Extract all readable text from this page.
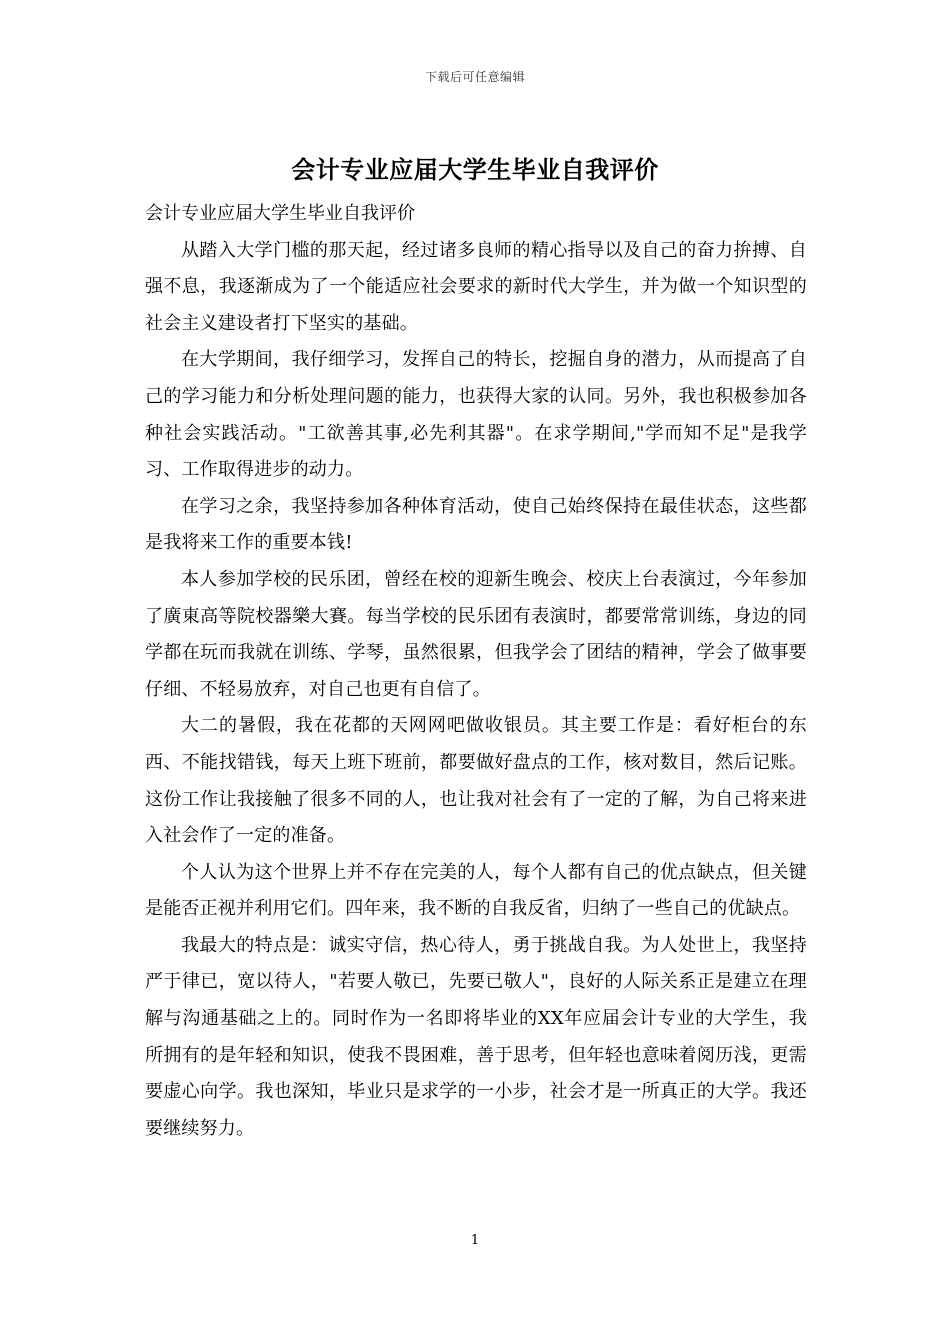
下载后可任意编辑
会计专业应届大学生毕业自我评价

会计专业应届大学生毕业自我评价

从踏入大学门槛的那天起，经过诸多良师的精心指导以及自己的奋力拚搏、自强不息，我逐渐成为了一个能适应社会要求的新时代大学生，并为做一个知识型的社会主义建设者打下坚实的基础。

在大学期间，我仔细学习，发挥自己的特长，挖掘自身的潜力，从而提高了自己的学习能力和分析处理问题的能力，也获得大家的认同。另外，我也积极参加各种社会实践活动。"工欲善其事,必先利其器"。在求学期间,"学而知不足"是我学习、工作取得进步的动力。

在学习之余，我坚持参加各种体育活动，使自己始终保持在最佳状态，这些都是我将来工作的重要本钱!

本人参加学校的民乐团，曾经在校的迎新生晚会、校庆上台表演过，今年参加了廣東高等院校器樂大賽。每当学校的民乐团有表演时，都要常常训练，身边的同学都在玩而我就在训练、学琴，虽然很累，但我学会了团结的精神，学会了做事要仔细、不轻易放弃，对自己也更有自信了。

大二的暑假，我在花都的天网网吧做收银员。其主要工作是：看好柜台的东西、不能找错钱，每天上班下班前，都要做好盘点的工作，核对数目，然后记账。这份工作让我接触了很多不同的人，也让我对社会有了一定的了解，为自己将来进入社会作了一定的准备。

个人认为这个世界上并不存在完美的人，每个人都有自己的优点缺点，但关键是能否正视并利用它们。四年来，我不断的自我反省，归纳了一些自己的优缺点。

我最大的特点是：诚实守信，热心待人，勇于挑战自我。为人处世上，我坚持严于律已，宽以待人，"若要人敬已，先要已敬人"，良好的人际关系正是建立在理解与沟通基础之上的。同时作为一名即将毕业的XX年应届会计专业的大学生，我所拥有的是年轻和知识，使我不畏困难，善于思考，但年轻也意味着阅历浅，更需要虚心向学。我也深知，毕业只是求学的一小步，社会才是一所真正的大学。我还要继续努力。

1
